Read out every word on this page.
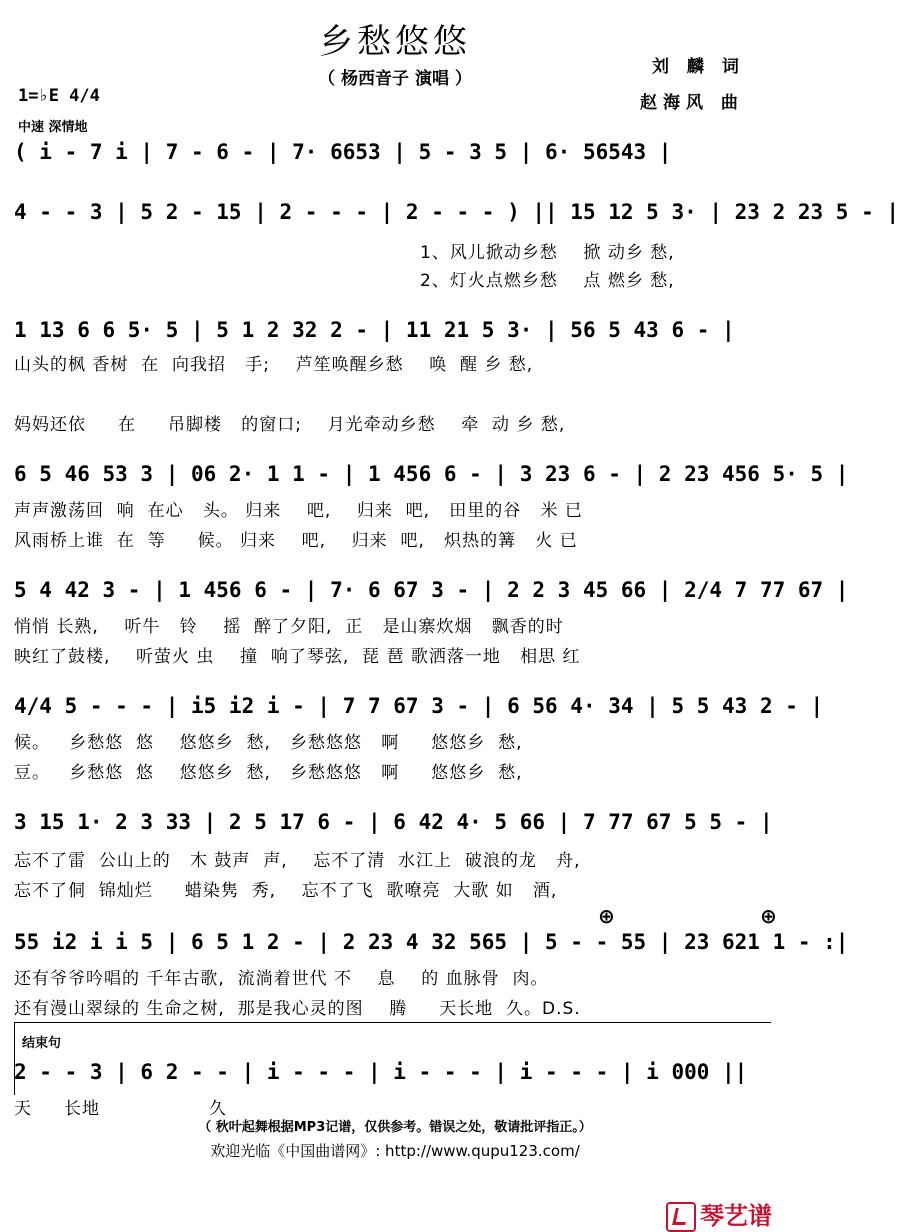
乡愁悠悠
（ 杨西音子 演唱 ）
刘 麟 词
赵海风 曲
1=♭E 4/4
中速 深情地
( i - 7 i | 7 - 6 - | 7· 6653 | 5 - 3 5 | 6· 56543 |
4 - - 3 | 5 2 - 15 | 2 - - - | 2 - - - ) || 15 12 5 3· | 23 2 23 5 - |
1、风儿掀动乡愁    掀 动乡 愁,
2、灯火点燃乡愁    点 燃乡 愁,
1 13 6 6 5· 5 | 5 1 2 32 2 - | 11 21 5 3· | 56 5 43 6 - |
山头的枫 香树  在  向我招   手;    芦笙唤醒乡愁    唤  醒 乡 愁,
妈妈还依     在     吊脚楼   的窗口;    月光牵动乡愁    牵  动 乡 愁,
6 5 46 53 3 | 06 2· 1 1 - | 1 456 6 - | 3 23 6 - | 2 23 456 5· 5 |
声声激荡回  响  在心   头。 归来    吧,    归来  吧,   田里的谷   米 已
风雨桥上谁  在  等     候。 归来    吧,    归来  吧,   炽热的篝   火 已
5 4 42 3 - | 1 456 6 - | 7· 6 67 3 - | 2 2 3 45 66 | 2/4 7 77 67 |
悄悄 长熟,    听牛   铃    摇  醉了夕阳,  正   是山寨炊烟   飘香的时
映红了鼓楼,    听萤火 虫    撞  响了琴弦,  琵 琶 歌洒落一地   相思 红
4/4 5 - - - | i5 i2 i - | 7 7 67 3 - | 6 56 4· 34 | 5 5 43 2 - |
候。   乡愁悠  悠    悠悠乡  愁,   乡愁悠悠   啊     悠悠乡  愁,
豆。   乡愁悠  悠    悠悠乡  愁,   乡愁悠悠   啊     悠悠乡  愁,
3 15 1· 2 3 33 | 2 5 17 6 - | 6 42 4· 5 66 | 7 77 67 5 5 - |
忘不了雷  公山上的   木 鼓声  声,    忘不了清  水江上  破浪的龙   舟,
忘不了侗  锦灿烂     蜡染隽  秀,    忘不了飞  歌嘹亮  大歌 如   酒,
⊕	⊕
55 i2 i i 5 | 6 5 1 2 - | 2 23 4 32 565 | 5 - - 55 | 23 621 1 - :|
还有爷爷吟唱的 千年古歌,  流淌着世代 不    息    的 血脉骨  肉。
还有漫山翠绿的 生命之树,  那是我心灵的图    腾     天长地  久。D.S.
结束句
2 - - 3 | 6 2 - - | i - - - | i - - - | i - - - | i 000 ||
天     长地                 久
（ 秋叶起舞根据MP3记谱，仅供参考。错误之处，敬请批评指正。）
欢迎光临《中国曲谱网》: http://www.qupu123.com/

琴艺谱
